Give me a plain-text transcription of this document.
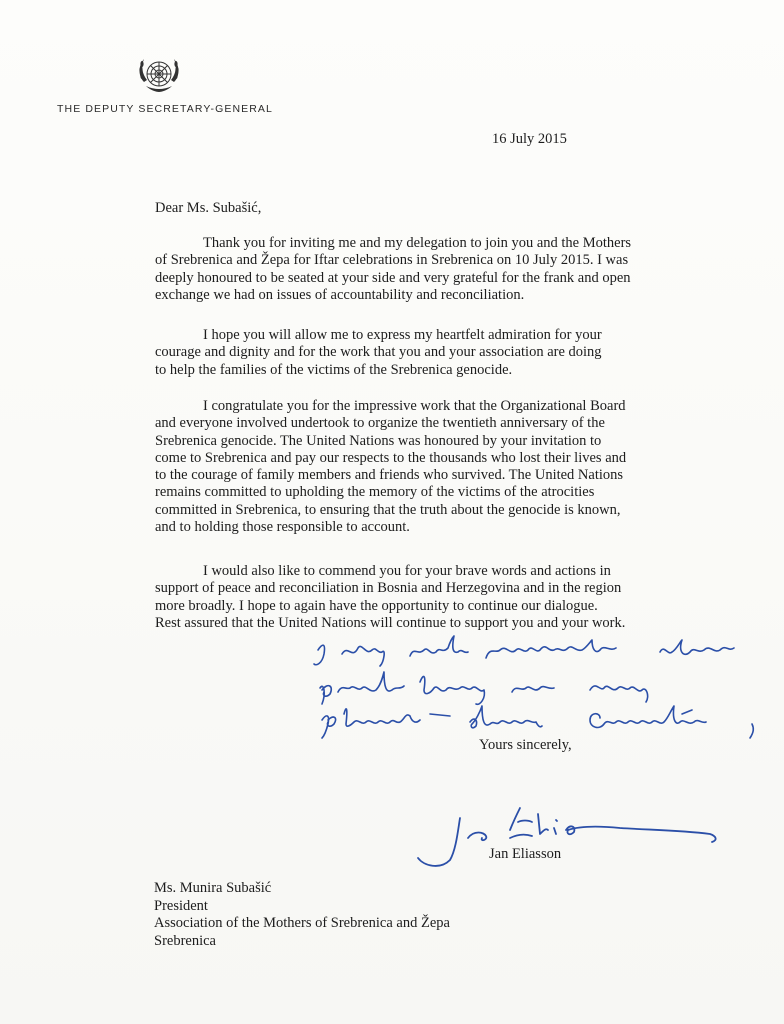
THE DEPUTY SECRETARY-GENERAL
16 July 2015
Dear Ms. Subašić,

Thank you for inviting me and my delegation to join you and the Mothers
of Srebrenica and Žepa for Iftar celebrations in Srebrenica on 10 July 2015. I was
deeply honoured to be seated at your side and very grateful for the frank and open
exchange we had on issues of accountability and reconciliation.

I hope you will allow me to express my heartfelt admiration for your
courage and dignity and for the work that you and your association are doing
to help the families of the victims of the Srebrenica genocide.

I congratulate you for the impressive work that the Organizational Board
and everyone involved undertook to organize the twentieth anniversary of the
Srebrenica genocide. The United Nations was honoured by your invitation to
come to Srebrenica and pay our respects to the thousands who lost their lives and
to the courage of family members and friends who survived. The United Nations
remains committed to upholding the memory of the victims of the atrocities
committed in Srebrenica, to ensuring that the truth about the genocide is known,
and to holding those responsible to account.

I would also like to commend you for your brave words and actions in
support of peace and reconciliation in Bosnia and Herzegovina and in the region
more broadly. I hope to again have the opportunity to continue our dialogue.
Rest assured that the United Nations will continue to support you and your work.

Yours sincerely,
Jan Eliasson
Ms. Munira Subašić
President
Association of the Mothers of Srebrenica and Žepa
Srebrenica
